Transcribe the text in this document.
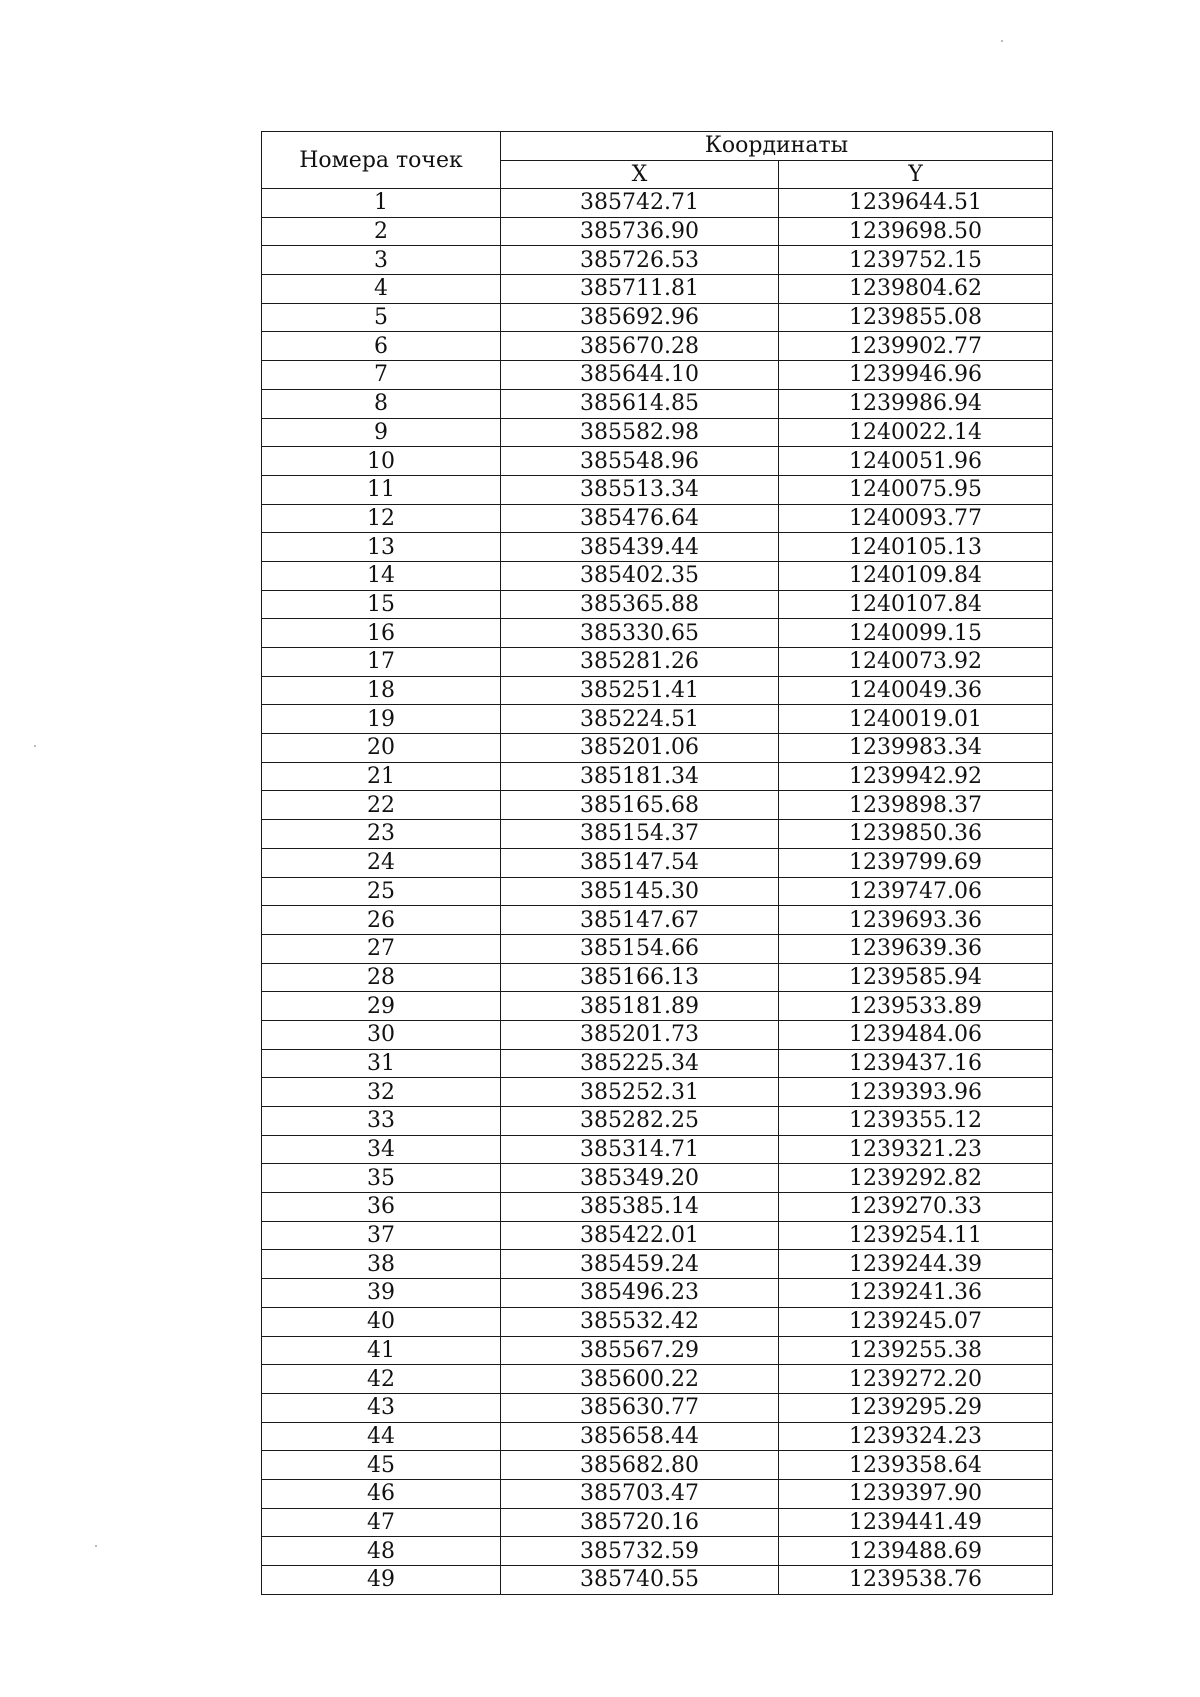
Номера точек	Координаты	
	X	Y
1	385742.71	1239644.51
2	385736.90	1239698.50
3	385726.53	1239752.15
4	385711.81	1239804.62
5	385692.96	1239855.08
6	385670.28	1239902.77
7	385644.10	1239946.96
8	385614.85	1239986.94
9	385582.98	1240022.14
10	385548.96	1240051.96
11	385513.34	1240075.95
12	385476.64	1240093.77
13	385439.44	1240105.13
14	385402.35	1240109.84
15	385365.88	1240107.84
16	385330.65	1240099.15
17	385281.26	1240073.92
18	385251.41	1240049.36
19	385224.51	1240019.01
20	385201.06	1239983.34
21	385181.34	1239942.92
22	385165.68	1239898.37
23	385154.37	1239850.36
24	385147.54	1239799.69
25	385145.30	1239747.06
26	385147.67	1239693.36
27	385154.66	1239639.36
28	385166.13	1239585.94
29	385181.89	1239533.89
30	385201.73	1239484.06
31	385225.34	1239437.16
32	385252.31	1239393.96
33	385282.25	1239355.12
34	385314.71	1239321.23
35	385349.20	1239292.82
36	385385.14	1239270.33
37	385422.01	1239254.11
38	385459.24	1239244.39
39	385496.23	1239241.36
40	385532.42	1239245.07
41	385567.29	1239255.38
42	385600.22	1239272.20
43	385630.77	1239295.29
44	385658.44	1239324.23
45	385682.80	1239358.64
46	385703.47	1239397.90
47	385720.16	1239441.49
48	385732.59	1239488.69
49	385740.55	1239538.76
